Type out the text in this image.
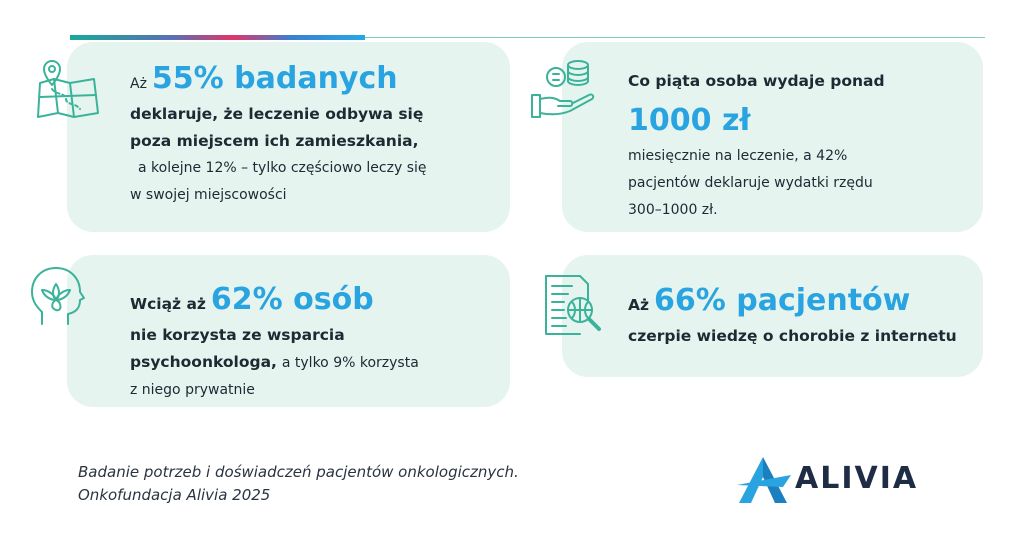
Aż 55% badanych
deklaruje, że leczenie odbywa się
poza miejscem ich zamieszkania,
a kolejne 12% – tylko częściowo leczy się
w swojej miejscowości
Co piąta osoba wydaje ponad
1000 zł
miesięcznie na leczenie, a 42%
pacjentów deklaruje wydatki rzędu
300–1000 zł.
Wciąż aż 62% osób
nie korzysta ze wsparcia
psychoonkologa, a tylko 9% korzysta
z niego prywatnie
Aż 66% pacjentów
czerpie wiedzę o chorobie z internetu
Badanie potrzeb i doświadczeń pacjentów onkologicznych.
Onkofundacja Alivia 2025	ALIVIA
